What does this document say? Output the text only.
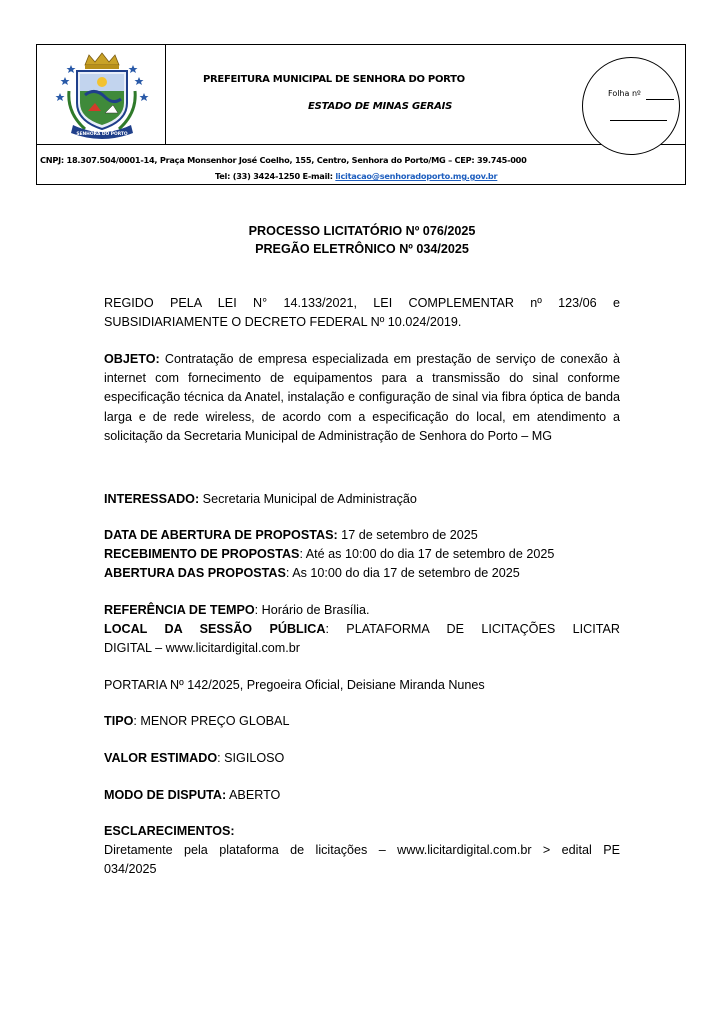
SENHORA DO PORTO
PREFEITURA MUNICIPAL DE SENHORA DO PORTO
ESTADO DE MINAS GERAIS
Folha nº
CNPJ: 18.307.504/0001-14, Praça Monsenhor José Coelho, 155, Centro, Senhora do Porto/MG – CEP: 39.745-000
Tel: (33) 3424-1250 E-mail: licitacao@senhoradoporto.mg.gov.br
PROCESSO LICITATÓRIO Nº 076/2025
PREGÃO ELETRÔNICO Nº 034/2025
REGIDO PELA LEI N° 14.133/2021, LEI COMPLEMENTAR nº 123/06 e
SUBSIDIARIAMENTE O DECRETO FEDERAL Nº 10.024/2019.
OBJETO: Contratação de empresa especializada em prestação de serviço de conexão à internet com fornecimento de equipamentos para a transmissão do sinal conforme especificação técnica da Anatel, instalação e configuração de sinal via fibra óptica de banda larga e de rede wireless, de acordo com a especificação do local, em atendimento a solicitação da Secretaria Municipal de Administração de Senhora do Porto – MG
INTERESSADO: Secretaria Municipal de Administração
DATA DE ABERTURA DE PROPOSTAS: 17 de setembro de 2025
RECEBIMENTO DE PROPOSTAS: Até as 10:00 do dia 17 de setembro de 2025
ABERTURA DAS PROPOSTAS: As 10:00 do dia 17 de setembro de 2025
REFERÊNCIA DE TEMPO: Horário de Brasília.
LOCAL DA SESSÃO PÚBLICA: PLATAFORMA DE LICITAÇÕES LICITAR
DIGITAL – www.licitardigital.com.br
PORTARIA Nº 142/2025, Pregoeira Oficial, Deisiane Miranda Nunes
TIPO: MENOR PREÇO GLOBAL
VALOR ESTIMADO: SIGILOSO
MODO DE DISPUTA: ABERTO
ESCLARECIMENTOS:
Diretamente pela plataforma de licitações – www.licitardigital.com.br > edital PE
034/2025
